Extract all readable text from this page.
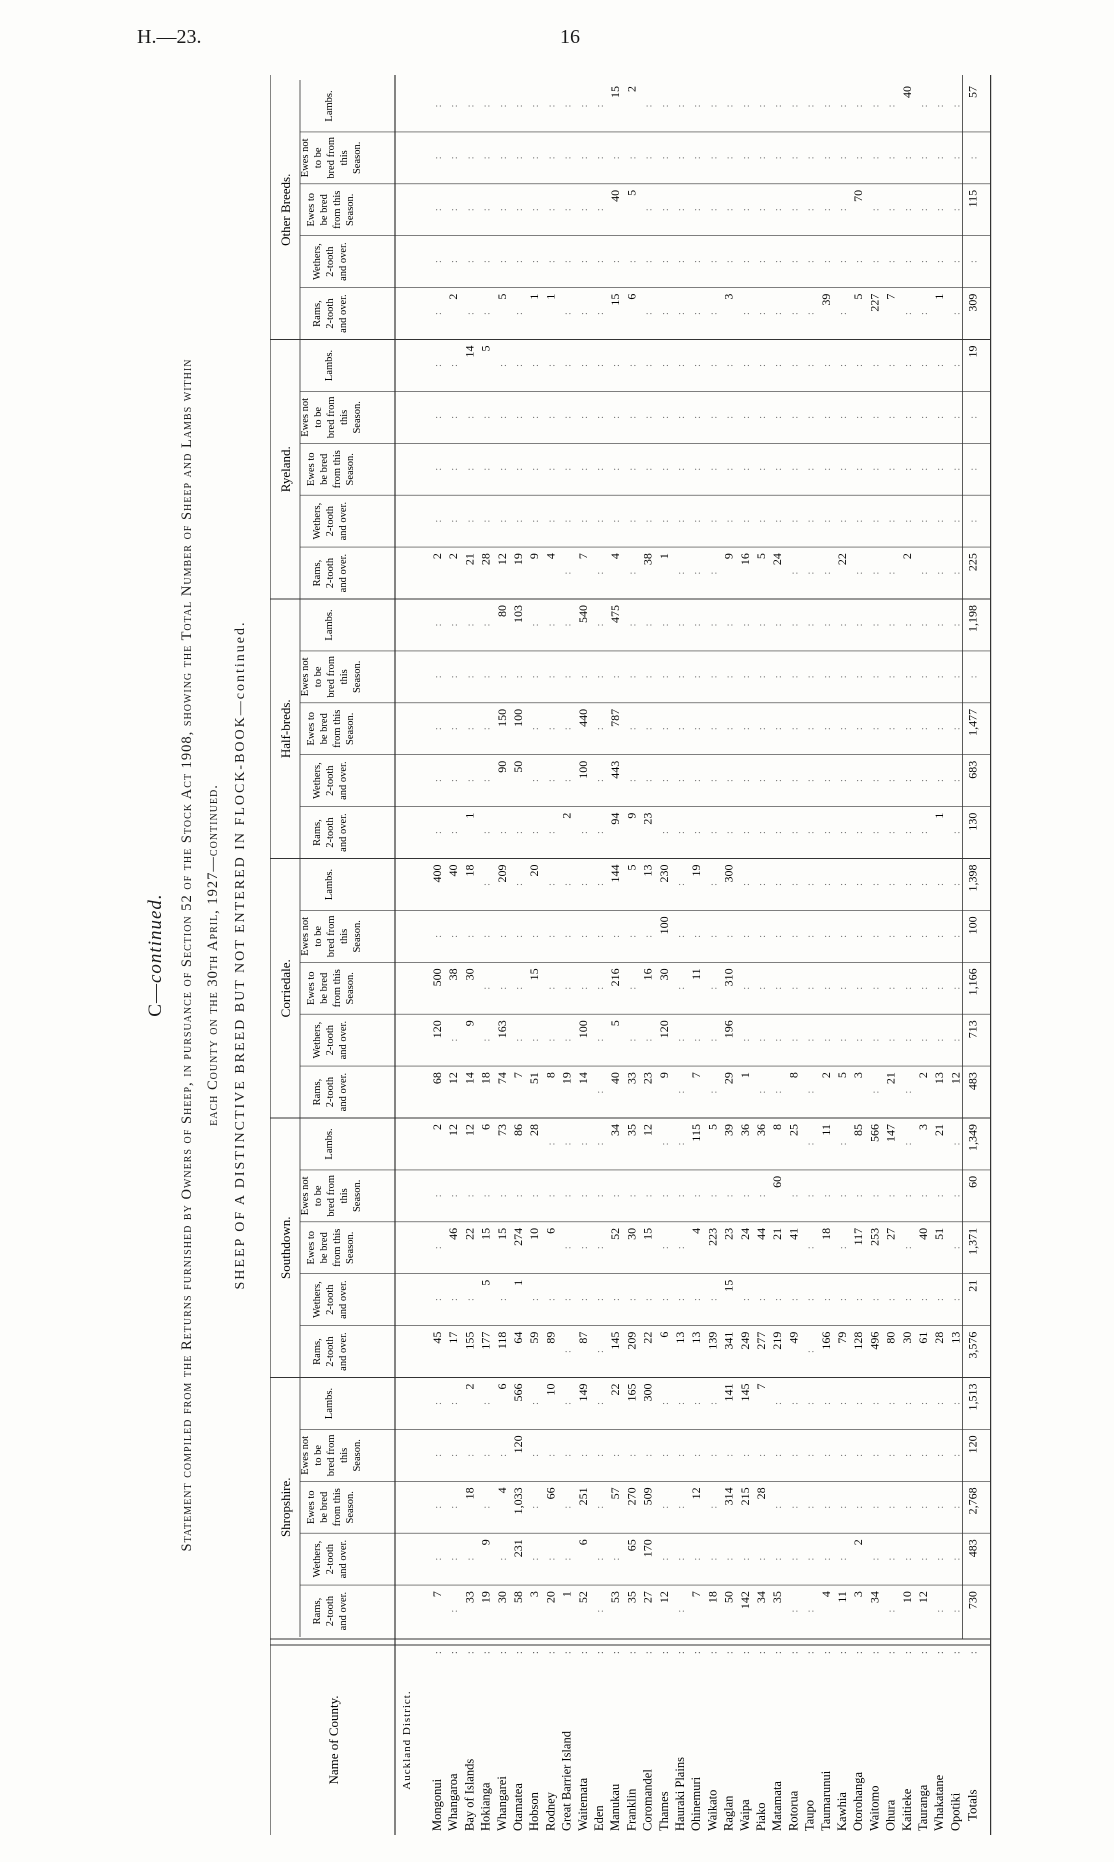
H.—23.	16
C—continued. Statement compiled from the Returns furnished by Owners of Sheep, in pursuance of Section 52 of the Stock Act 1908, showing the Total Number of Sheep and Lambs within each County on the 30th April, 1927—continued. SHEEP OF A DISTINCTIVE BREED BUT NOT ENTERED IN FLOCK-BOOK—continued.
Name of County.
Shropshire.
Rams, 2-tooth and over.
Wethers, 2-tooth and over.
Ewes to be bred from this Season.
Ewes not to be bred from this Season.
Lambs.
Southdown.
Rams, 2-tooth and over.
Wethers, 2-tooth and over.
Ewes to be bred from this Season.
Ewes not to be bred from this Season.
Lambs.
Corriedale.
Rams, 2-tooth and over.
Wethers, 2-tooth and over.
Ewes to be bred from this Season.
Ewes not to be bred from this Season.
Lambs.
Half-breds.
Rams, 2-tooth and over.
Wethers, 2-tooth and over.
Ewes to be bred from this Season.
Ewes not to be bred from this Season.
Lambs.
Ryeland.
Rams, 2-tooth and over.
Wethers, 2-tooth and over.
Ewes to be bred from this Season.
Ewes not to be bred from this Season.
Lambs.
Other Breeds.
Rams, 2-tooth and over.
Wethers, 2-tooth and over.
Ewes to be bred from this Season.
Ewes not to be bred from this Season.
Lambs.
Auckland District.
Mongonui
:
7
:
:
:
:
45
:
:
:
2
68
120
500
:
400
:
:
:
:
:
2
:
:
:
:
:
:
:
:
:
Whangaroa
:
:
:
:
:
:
17
:
46
:
12
12
:
38
:
40
:
:
:
:
:
2
:
:
:
:
2
:
:
:
:
Bay of Islands
:
33
:
18
:
2
155
:
22
:
12
14
9
30
:
18
1
:
:
:
:
21
:
:
:
14
:
:
:
:
:
Hokianga
:
19
9
:
:
:
177
5
15
:
6
18
:
:
:
:
:
:
:
:
:
28
:
:
:
5
:
:
:
:
:
Whangarei
:
30
:
4
:
6
118
:
15
:
73
74
163
:
:
209
:
90
150
:
80
12
:
:
:
:
5
:
:
:
:
Otamatea
:
58
231
1,033
120
566
64
1
274
:
86
7
:
:
:
:
:
50
100
:
103
19
:
:
:
:
:
:
:
:
:
Hobson
:
3
:
:
:
:
59
:
10
:
28
51
:
15
:
20
:
:
:
:
:
9
:
:
:
:
1
:
:
:
:
Rodney
:
20
:
66
:
10
89
:
6
:
:
8
:
:
:
:
:
:
:
:
:
4
:
:
:
:
1
:
:
:
:
Great Barrier Island
:
1
:
:
:
:
:
:
:
:
:
19
:
:
:
:
2
:
:
:
:
:
:
:
:
:
:
:
:
:
:
Waitemata
:
52
6
251
:
149
87
:
:
:
:
14
100
:
:
:
:
100
440
:
540
7
:
:
:
:
:
:
:
:
:
Eden
:
:
:
:
:
:
:
:
:
:
:
:
:
:
:
:
:
:
:
:
:
:
:
:
:
:
:
:
:
:
:
Manukau
:
53
:
57
:
22
145
:
52
:
34
40
5
216
:
144
94
443
787
:
475
4
:
:
:
:
15
:
40
:
15
Franklin
:
35
65
270
:
165
209
:
30
:
35
33
:
:
:
5
9
:
:
:
:
:
:
:
:
:
6
:
5
:
2
Coromandel
:
27
170
509
:
300
22
:
15
:
12
23
:
16
:
13
23
:
:
:
:
38
:
:
:
:
:
:
:
:
:
Thames
:
12
:
:
:
:
6
:
:
:
:
9
120
30
100
230
:
:
:
:
:
1
:
:
:
:
:
:
:
:
:
Hauraki Plains
:
:
:
:
:
:
13
:
:
:
:
:
:
:
:
:
:
:
:
:
:
:
:
:
:
:
:
:
:
:
:
Ohinemuri
:
7
:
12
:
:
13
:
4
:
115
7
:
11
:
19
:
:
:
:
:
:
:
:
:
:
:
:
:
:
:
Waikato
:
18
:
:
:
:
139
:
223
:
5
:
:
:
:
:
:
:
:
:
:
:
:
:
:
:
:
:
:
:
:
Raglan
:
50
:
314
:
141
341
15
23
:
39
29
196
310
:
300
:
:
:
:
:
9
:
:
:
:
3
:
:
:
:
Waipa
:
142
:
215
:
145
249
:
24
:
36
1
:
:
:
:
:
:
:
:
:
16
:
:
:
:
:
:
:
:
:
Piako
:
34
:
28
:
7
277
:
44
:
36
:
:
:
:
:
:
:
:
:
:
5
:
:
:
:
:
:
:
:
:
Matamata
:
35
:
:
:
:
219
:
21
60
8
:
:
:
:
:
:
:
:
:
:
24
:
:
:
:
:
:
:
:
:
Rotorua
:
:
:
:
:
:
49
:
41
:
25
8
:
:
:
:
:
:
:
:
:
:
:
:
:
:
:
:
:
:
:
Taupo
:
:
:
:
:
:
:
:
:
:
:
:
:
:
:
:
:
:
:
:
:
:
:
:
:
:
:
:
:
:
:
Taumarunui
:
4
:
:
:
:
166
:
18
:
11
2
:
:
:
:
:
:
:
:
:
:
:
:
:
:
39
:
:
:
:
Kawhia
:
11
:
:
:
:
79
:
:
:
:
5
:
:
:
:
:
:
:
:
:
22
:
:
:
:
:
:
:
:
:
Otorohanga
:
3
2
:
:
:
128
:
117
:
85
3
:
:
:
:
:
:
:
:
:
:
:
:
:
:
5
:
70
:
:
Waitomo
:
34
:
:
:
:
496
:
253
:
566
:
:
:
:
:
:
:
:
:
:
:
:
:
:
:
227
:
:
:
:
Ohura
:
:
:
:
:
:
80
:
27
:
147
21
:
:
:
:
:
:
:
:
:
:
:
:
:
:
7
:
:
:
:
Kaitieke
:
10
:
:
:
:
30
:
:
:
:
:
:
:
:
:
:
:
:
:
:
2
:
:
:
:
:
:
:
:
40
Tauranga
:
12
:
:
:
:
61
:
40
:
3
2
:
:
:
:
:
:
:
:
:
:
:
:
:
:
:
:
:
:
:
Whakatane
:
:
:
:
:
:
28
:
51
:
21
13
:
:
:
:
1
:
:
:
:
:
:
:
:
:
1
:
:
:
:
Opotiki
:
:
:
:
:
:
13
:
:
:
:
12
:
:
:
:
:
:
:
:
:
:
:
:
:
:
:
:
:
:
:
Totals
:
730
483
2,768
120
1,513
3,576
21
1,371
60
1,349
483
713
1,166
100
1,398
130
683
1,477
:
1,198
225
:
:
:
19
309
:
115
:
57
